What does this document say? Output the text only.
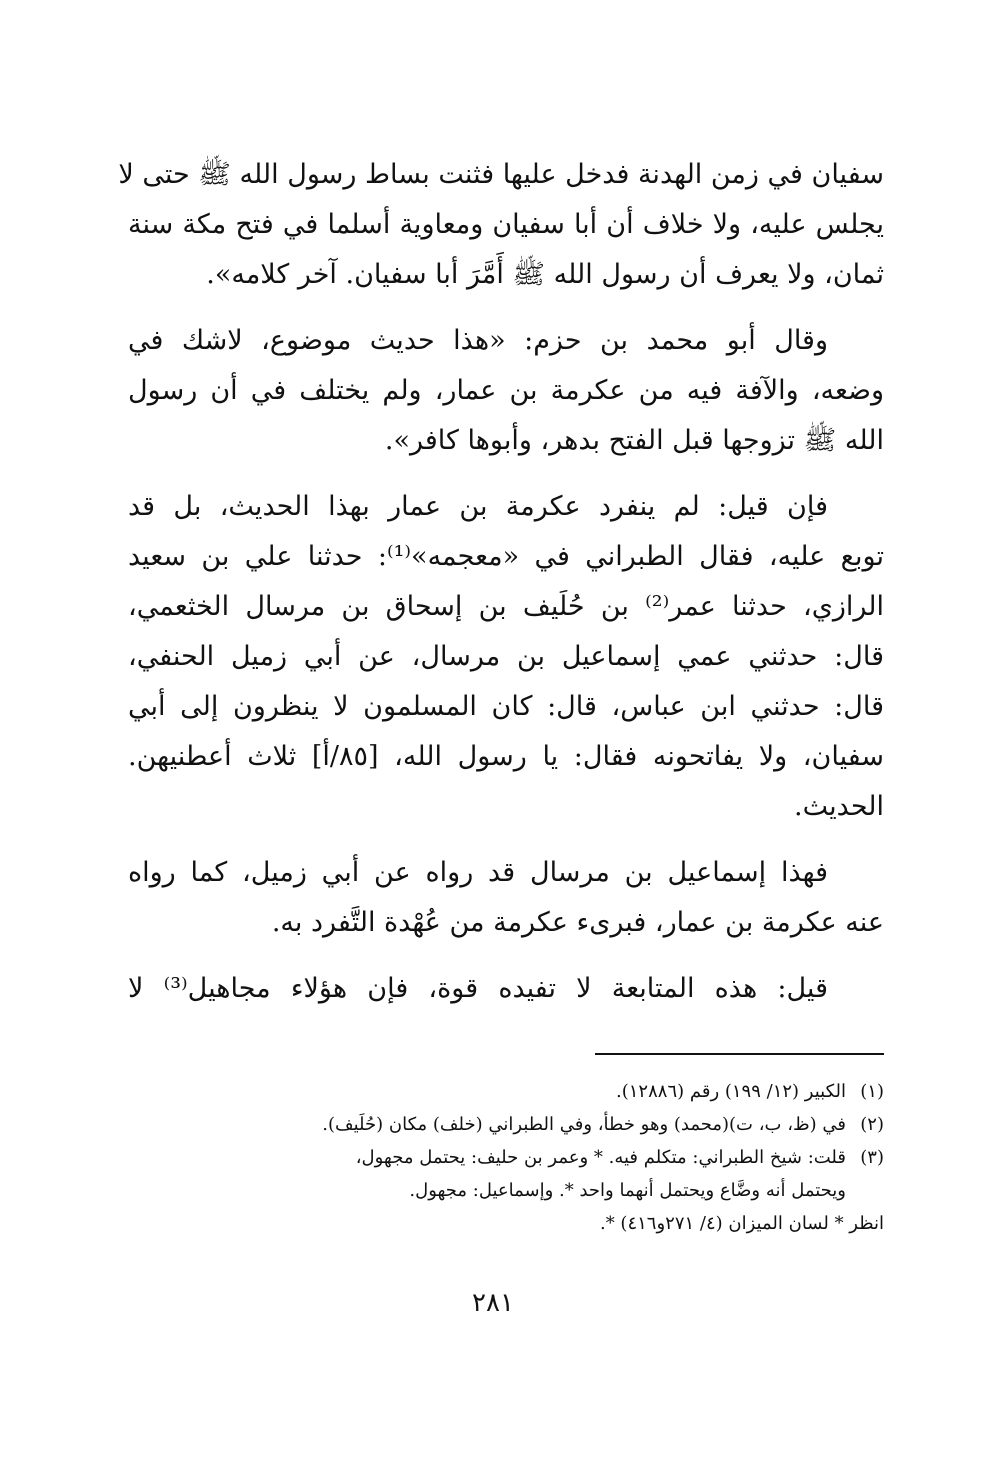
سفيان في زمن الهدنة فدخل عليها فثنت بساط رسول الله ﷺ حتى لا
يجلس عليه، ولا خلاف أن أبا سفيان ومعاوية أسلما في فتح مكة سنة
ثمان، ولا يعرف أن رسول الله ﷺ أَمَّرَ أبا سفيان. آخر كلامه».
وقال أبو محمد بن حزم: «هذا حديث موضوع، لاشك في
وضعه، والآفة فيه من عكرمة بن عمار، ولم يختلف في أن رسول
الله ﷺ تزوجها قبل الفتح بدهر، وأبوها كافر».
فإن قيل: لم ينفرد عكرمة بن عمار بهذا الحديث، بل قد
توبع عليه، فقال الطبراني في «معجمه»⁽¹⁾: حدثنا علي بن سعيد
الرازي، حدثنا عمر⁽²⁾ بن حُلَيف بن إسحاق بن مرسال الخثعمي،
قال: حدثني عمي إسماعيل بن مرسال، عن أبي زميل الحنفي،
قال: حدثني ابن عباس، قال: كان المسلمون لا ينظرون إلى أبي
سفيان، ولا يفاتحونه فقال: يا رسول الله، [٨٥/أ] ثلاث أعطنيهن.
الحديث.
فهذا إسماعيل بن مرسال قد رواه عن أبي زميل، كما رواه
عنه عكرمة بن عمار، فبرىء عكرمة من عُهْدة التَّفرد به.
قيل: هذه المتابعة لا تفيده قوة، فإن هؤلاء مجاهيل⁽³⁾ لا
(١)
الكبير (١٢/ ١٩٩) رقم (١٢٨٨٦).
(٢)
في (ظ، ب، ت)(محمد) وهو خطأ، وفي الطبراني (خلف) مكان (حُلَيف).
(٣)
قلت: شيخ الطبراني: متكلم فيه. * وعمر بن حليف: يحتمل مجهول،
ويحتمل أنه وضَّاع ويحتمل أنهما واحد *. وإسماعيل: مجهول.
انظر * لسان الميزان (٤/ ٢٧١و٤١٦) *.
٢٨١
